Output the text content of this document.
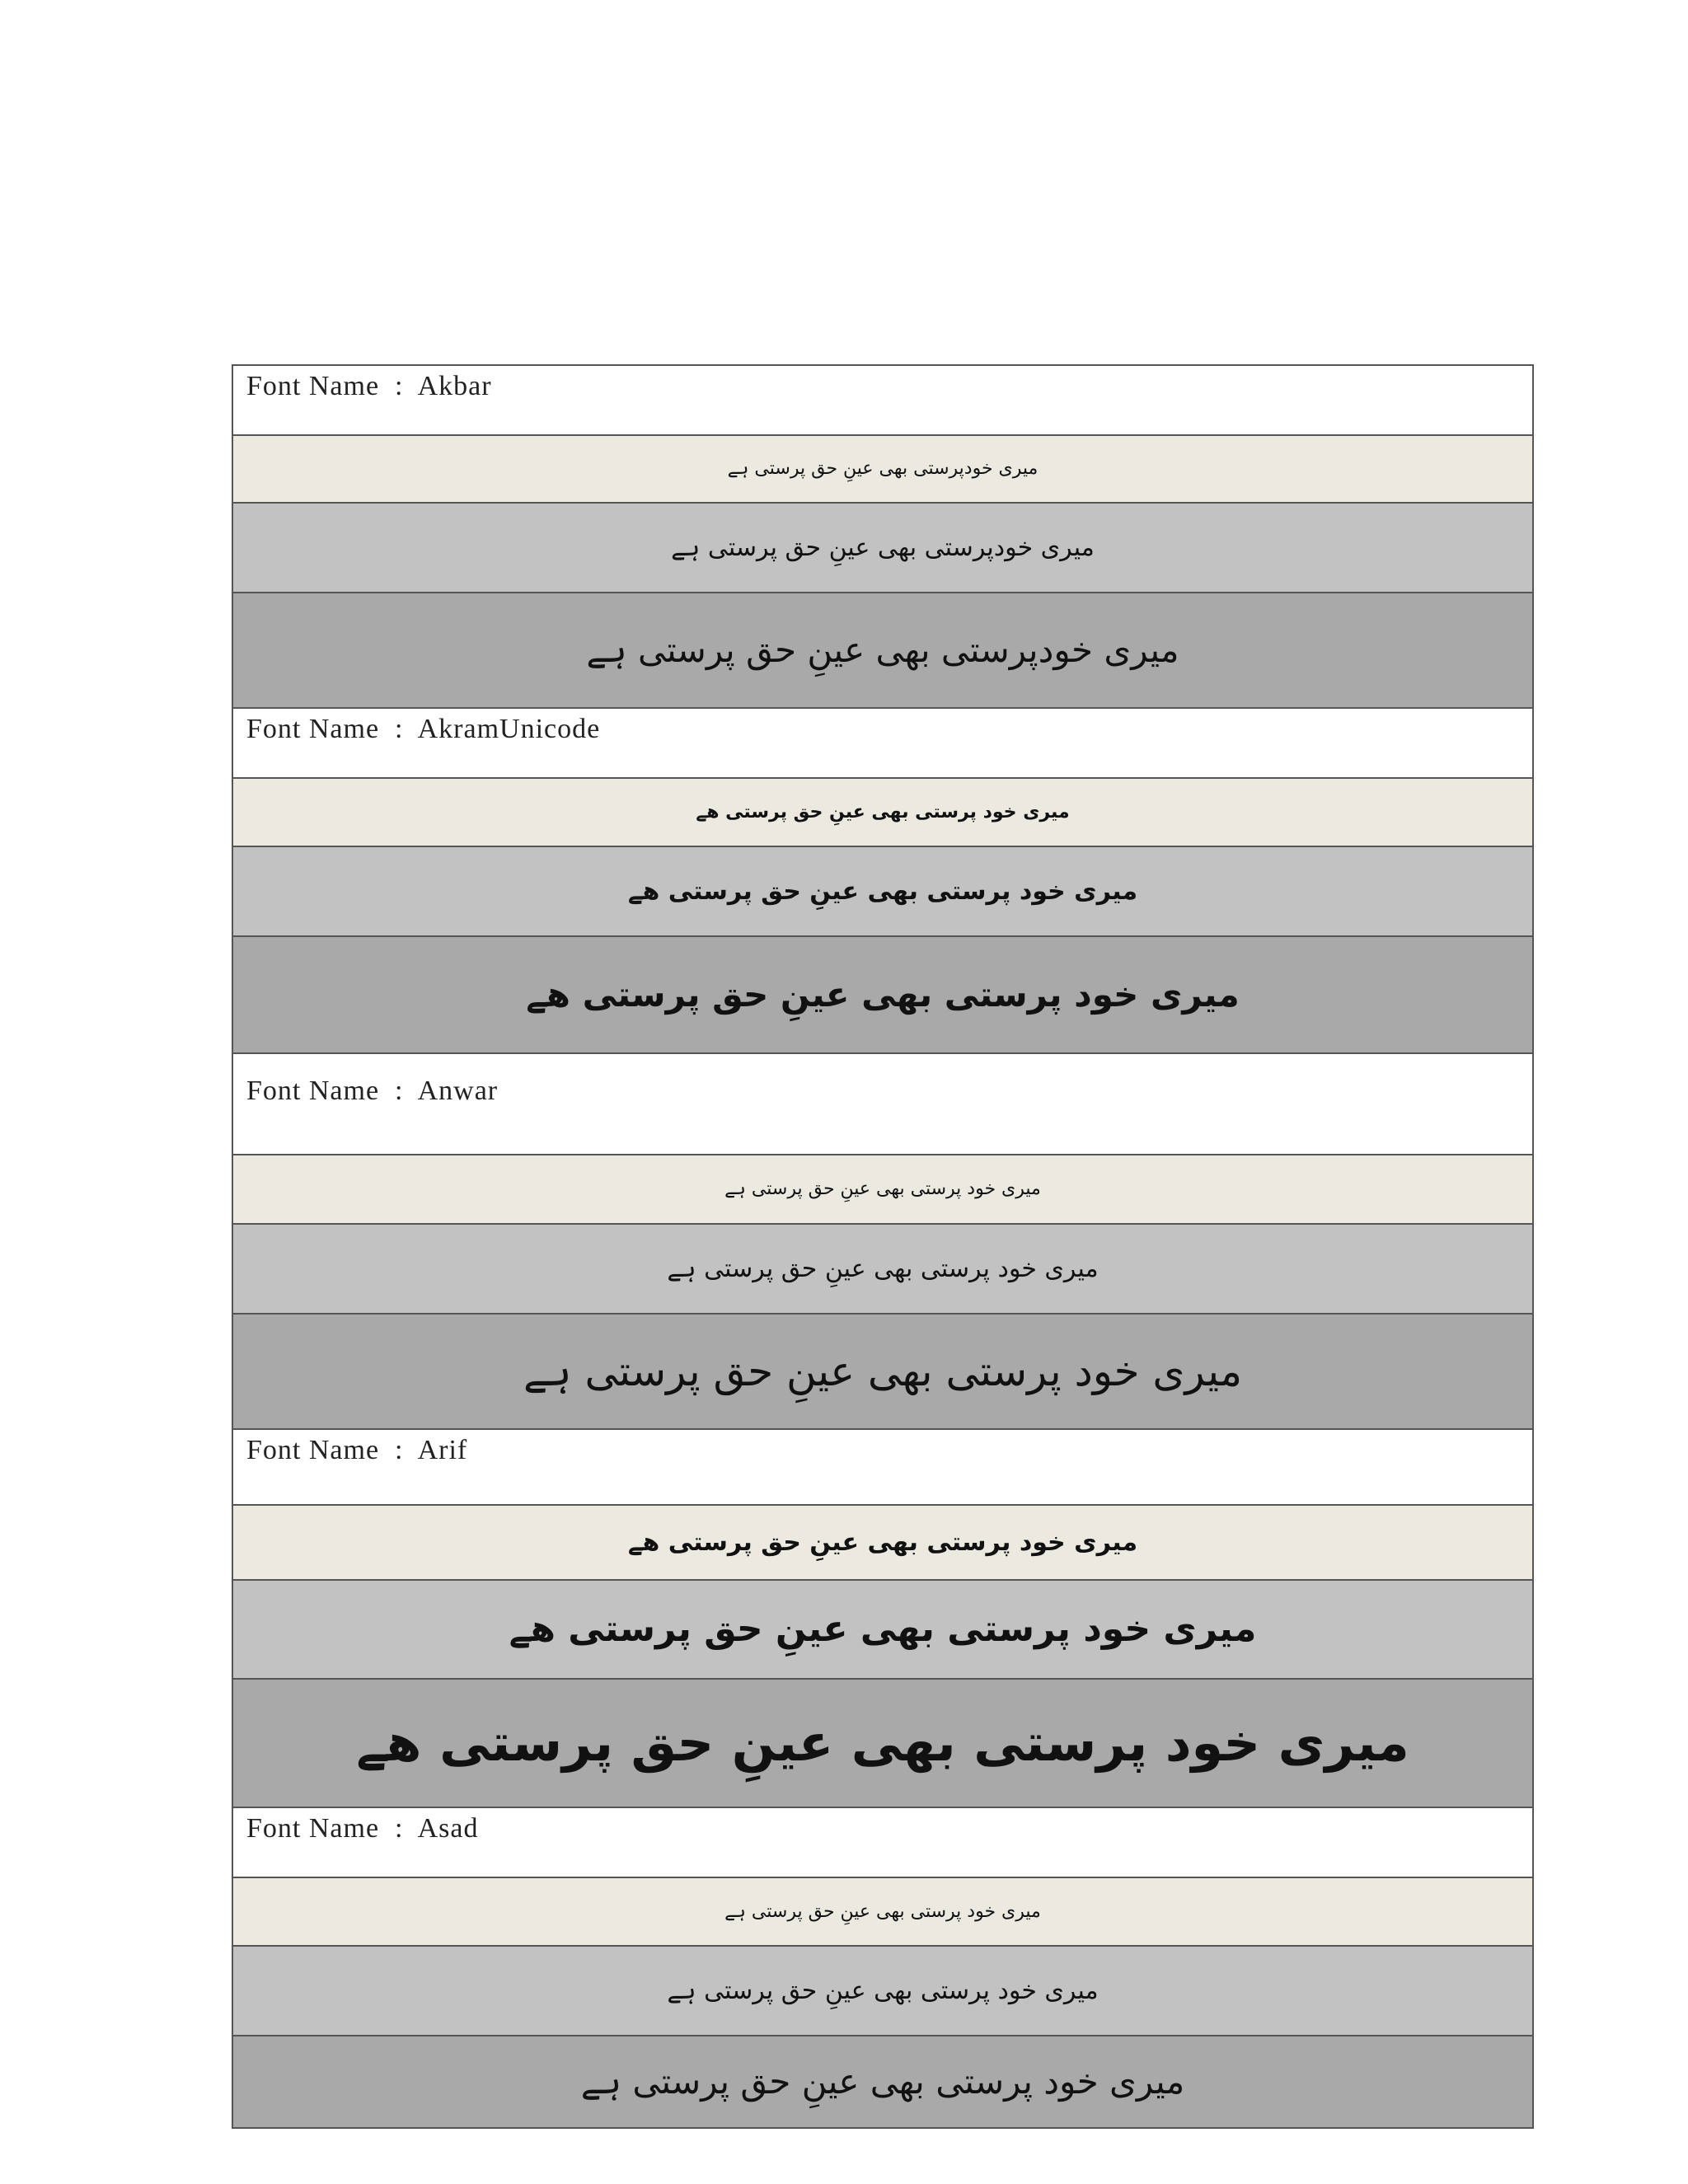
Font Name  :  Akbar
میری خودپرستی بھی عینِ حق پرستی ہے
میری خودپرستی بھی عینِ حق پرستی ہے
میری خودپرستی بھی عینِ حق پرستی ہے
Font Name  :  AkramUnicode
میری خود پرستی بھی عینِ حق پرستی ھے
میری خود پرستی بھی عینِ حق پرستی ھے
میری خود پرستی بھی عینِ حق پرستی ھے
Font Name  :  Anwar
میری خود پرستی بھی عینِ حق پرستی ہے
میری خود پرستی بھی عینِ حق پرستی ہے
میری خود پرستی بھی عینِ حق پرستی ہے
Font Name  :  Arif
میری خود پرستی بھی عینِ حق پرستی ھے
میری خود پرستی بھی عینِ حق پرستی ھے
میری خود پرستی بھی عینِ حق پرستی ھے
Font Name  :  Asad
میری خود پرستی بھی عینِ حق پرستی ہے
میری خود پرستی بھی عینِ حق پرستی ہے
میری خود پرستی بھی عینِ حق پرستی ہے
